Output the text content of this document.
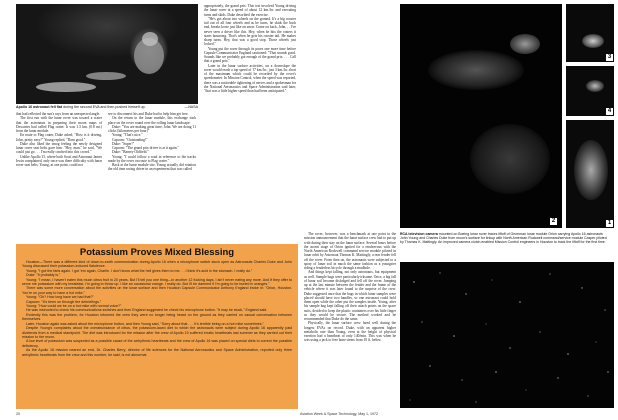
Apollo 16 astronaut fell flat during the second EVA and then pushed himself up.	—NASA

that had reflected the sun's rays from an unexpected angle.

The first run with the lunar rover was toward a crater that the astronauts in preparing their moon maps of Descartes had called Flag crater. It was 1.3 km. (0.8 mi.) from the lunar module.

En route to Flag crater, Duke asked, "How is it driving, John, pretty easy?" Young replied, "Darn good."

Duke also liked the smog feeling the newly designed lunar rover seat belts gave him. "Hey, man," he said, "We could just go . . . I'm really cinched into this crowd."

Unlike Apollo 15, where both Scott and Astronaut James Irwin complained, only once was there difficulty with lunar rover seat belts. Young, at one point, could not

see to disconnect his and Duke had to help him get free.

On the return to the lunar module, this exchange took place on the rover round over the rolling lunar landscape:

Duke: "You are making great time, John. We are doing 11 clicks [kilometers per hour]"

Young: "That's nice."

Capcom: "Outstanding!"

Duke: "Super!"

Capcom: "The grand prix driver is at it again."

Duke: "Barney Oldfield."

Young: "I could follow a road in reference to the tracks made by the rover on route to Flag crater."

Back at the lunar module site, Young actually did rotation the old time racing driver in an experiment that was called

appropriately, the grand prix. This test involved Young driving the lunar rover at a speed of about 12 km./hr. and executing turns and skids. Duke described the exercise.

"He's got about two wheels on the ground. It's a big rooster tail out of all four wheels and as he turns, he skids the back end, breaks loose just like on snow. Come on back, John. . . I've never seen a driver like this. Hey, when he hits the craters it starts bouncing. That's when he gets his rooster tail. He makes sharp turns. Hey, that was a good stop. Those wheels just locked."

Young put the rover through its paces one more time before Capsule Communicator England cautioned: "That sounds good. Sounds like we probably got enough of the grand prix. . . . Call that a grand prix."

Later in the lunar surface activities, on a downslope the rover would reach a top speed of 17 km./hr., just 3 km./hr. short of the maximum which could be recorded by the rover's speedometer. In Mission Control, when the speed was reported, there was a noticeable tightening of nerves and a spokesman for the National Aeronautics and Space Administration said later, "that was a little higher speed than had been anticipated."

The rover, however, was a benchmark at one point in the mission announcement that the lunar surface crew had to put up with during their stay on the lunar surface. Several hours before the ascent stage of Orion ignited for a rendezvous with the North American Rockwell command service module piloted in lunar orbit by Astronaut Thomas K. Mattingly, a rear fender fell off the rover. From then on, the astronauts were subjected to a spray of lunar soil in much the same fashion as a youngster riding a fenderless bicycle through a mudhole.

And things kept falling, not only astronauts, but equipment as well. Sample bags were particularly irksome. Once, a big fall of lunar soil became dislodged and fell off the rover. Jumping up at the last minute between the fender and the frame of the vehicle where it was later found to the surprise of the crew. Duke suggested once that the bags in which lunar samples were placed should have two handles, so one astronaut could hold them open while the other put the samples inside. Young, after his sample bag kept falling off their attach points on the space suits, decided to keep the plastic containers over his little finger so they would be secure. The method worked and he recommended that Duke do the same.

Physically, the lunar surface crew fared well during the longest EVAs on record. Duke, with an apparent higher metabolic rate than Young, even at the height of physical exertion had a heartbeat of only 140/min. This was when he was using a jack to free bone stems from 10 ft. below

Potassium Proves Mixed Blessing

Houston—There was a different kind of down-to-earth communication during Apollo 16 when a microphone switch stuck open as Astronauts Charles Duke and John Young discussed their potassium-induced flatulence.

Young: "I got the farts again. I got 'em again, Charlie. I don't know what the hell gives them to me. . . I think it's acid in the stomach. I really do."

Duke: "It probably is."

Young: "I mean, I haven't eaten this much citrus fruit in 20 years. But I'll tell you one thing—in another 12 fucking days, I ain't never eating any more. And if they offer to serve me potassium with my breakfast, I'm going to throw up. I like an occasional orange, I really do. But I'll be damned if I'm going to be buried in oranges."

There was some more conversation about the activities on the lunar surface and then Houston Capsule Communicator Anthony England broke in: "Orion, Houston. You're on your way to have a hot mike."

Young: "Oh? How long have we had that?"

Capcom: "It's been on through the debriefings."

Young: "How could we be on a hot mike with normal voice?"

He was instructed to check his communications switches and then England suggested he check his microphone button. "It may be stuck," England said.

Evidently this was the problem, for Houston informed the crew they were no longer being heard on the ground as they carried on casual conversation between themselves.

Later, Houston again was asked about the microphone button, and then Young said, "Sorry about that . . . It's terrible being on a hot mike sometimes."

Despite Young's complaints about the overabundance of citrus, the potassium-laced diet to which the astronauts were subject during Apollo 16 apparently paid dividends from a medical standpoint. The diet was introduced for the mission after the crew of Apollo 15 suffered erratic heartbeats last summer as they carried out their mission to the moon.

A low level of potassium was suspected as a possible cause of the arrhythmic heartbeats and the crew of Apollo 16 was placed on special diets to correct the possible deficiency.

As the Apollo 16 mission neared an end, Dr. Charles Berry, director of life sciences for the National Aeronautics and Space Administration, reported only three arrhythmic heartbeats from the crew and this number, he said, is not abnormal.

2
3
4
1
RCA television camera mounted on Boeing lunar rover traces liftoff of Grumman lunar module Orion carrying Apollo 16 astronauts John Young and Charles Duke from moon's surface for linkup with North American Rockwell command/service module Casper piloted by Thomas K. Mattingly. An improved camera clutch enabled Mission Control engineers in Houston to track the liftoff for the first time.
20	Aviation Week & Space Technology, May 1, 1972
